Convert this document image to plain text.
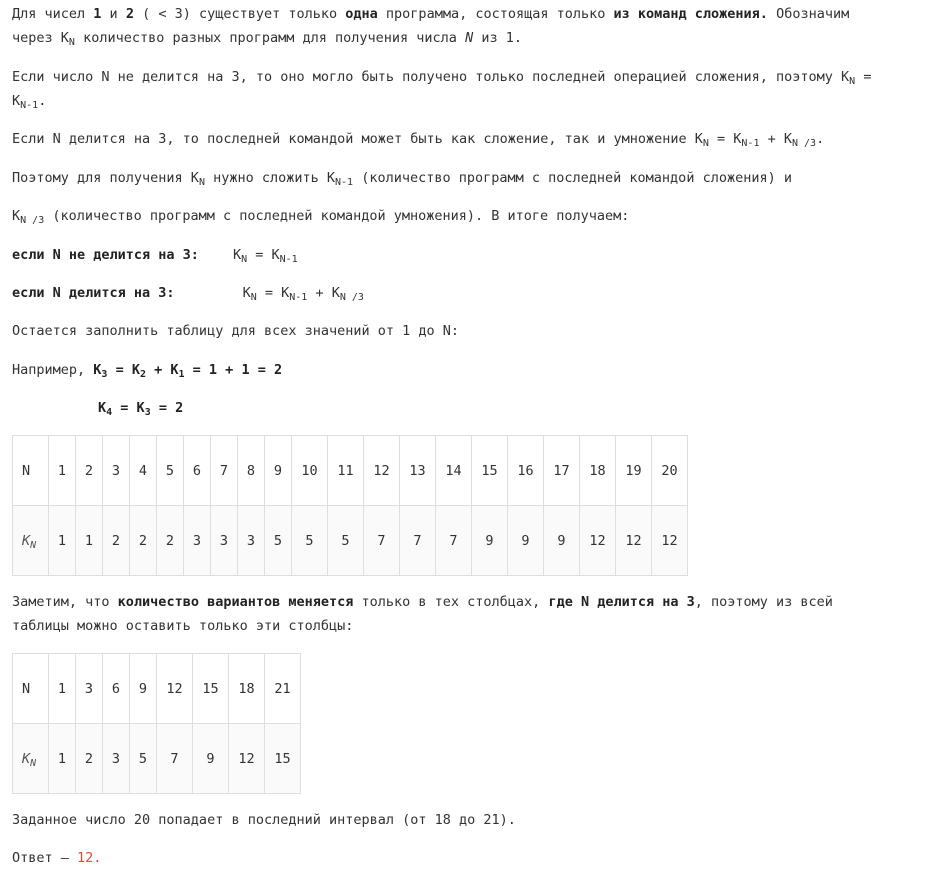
Для чисел 1 и 2 ( < 3) существует только одна программа, состоящая только из команд сложения. Обозначим
через $K_N$ количество разных программ для получения числа N из 1.

Если число N не делится на 3, то оно могло быть получено только последней операцией сложения, поэтому $K_N$ =
$K_{N-1}$.

Если N делится на 3, то последней командой может быть как сложение, так и умножение $K_N = K_{N-1} + K_{N /3}$.

Поэтому для получения $K_N$ нужно сложить $K_{N-1}$ (количество программ с последней командой сложения) и

$K_{N /3}$ (количество программ с последней командой умножения). В итоге получаем:

если N не делится на 3:	$K_N = K_{N-1}$

если N делится на 3:	$K_N = K_{N-1} + K_{N /3}$

Остается заполнить таблицу для всех значений от 1 до N:

Например, $K_3 = K_2 + K_1 = 1 + 1 = 2$

$K_4 = K_3 = 2$

N	1	2	3	4	5	6	7	8	9	10	11	12	13	14	15	16	17	18	19	20
$K_N$	1	1	2	2	2	3	3	3	5	5	5	7	7	7	9	9	9	12	12	12

Заметим, что количество вариантов меняется только в тех столбцах, где N делится на 3, поэтому из всей
таблицы можно оставить только эти столбцы:

N	1	3	6	9	12	15	18	21
$K_N$	1	2	3	5	7	9	12	15

Заданное число 20 попадает в последний интервал (от 18 до 21).

Ответ – 12.
